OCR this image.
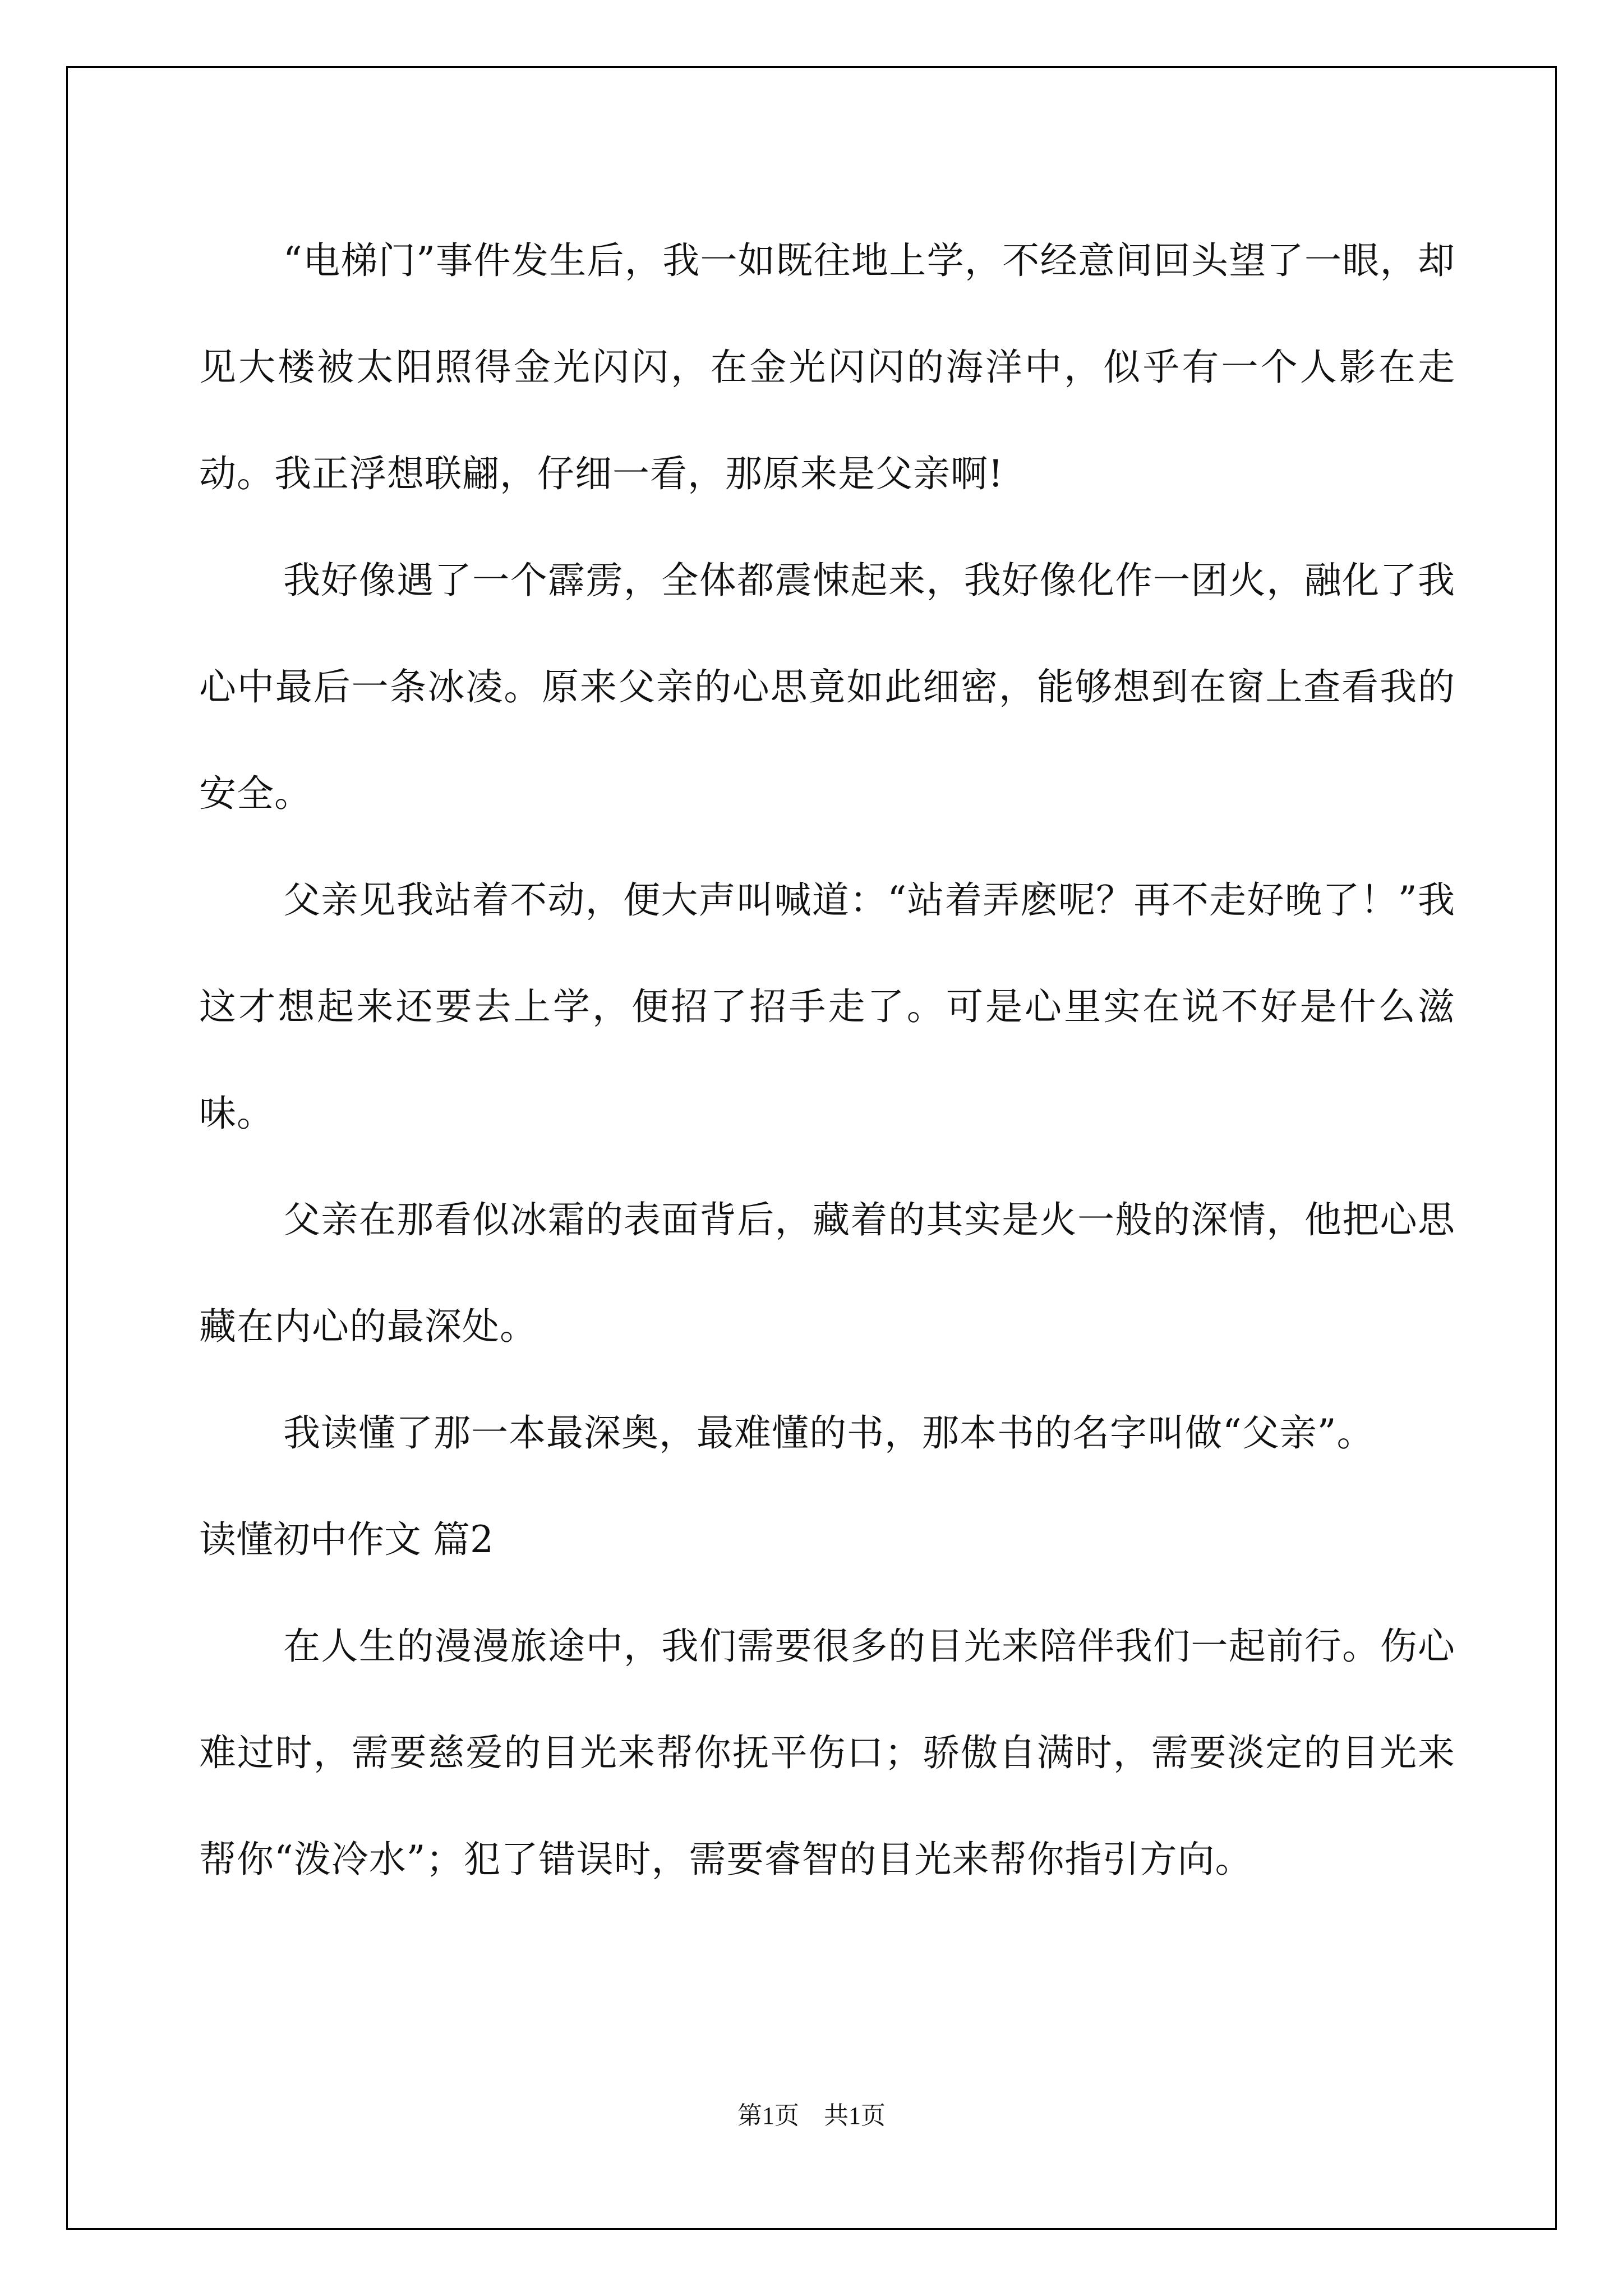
“电梯门”事件发生后，我一如既往地上学，不经意间回头望了一眼，却见大楼被太阳照得金光闪闪，在金光闪闪的海洋中，似乎有一个人影在走动。我正浮想联翩，仔细一看，那原来是父亲啊!

我好像遇了一个霹雳，全体都震悚起来，我好像化作一团火，融化了我心中最后一条冰凌。原来父亲的心思竟如此细密，能够想到在窗上查看我的安全。

父亲见我站着不动，便大声叫喊道：“站着弄麽呢？再不走好晚了！”我这才想起来还要去上学，便招了招手走了。可是心里实在说不好是什么滋味。

父亲在那看似冰霜的表面背后，藏着的其实是火一般的深情，他把心思藏在内心的最深处。

我读懂了那一本最深奥，最难懂的书，那本书的名字叫做“父亲”。

读懂初中作文 篇2

在人生的漫漫旅途中，我们需要很多的目光来陪伴我们一起前行。伤心难过时，需要慈爱的目光来帮你抚平伤口；骄傲自满时，需要淡定的目光来帮你“泼冷水”；犯了错误时，需要睿智的目光来帮你指引方向。

第1页　共1页
